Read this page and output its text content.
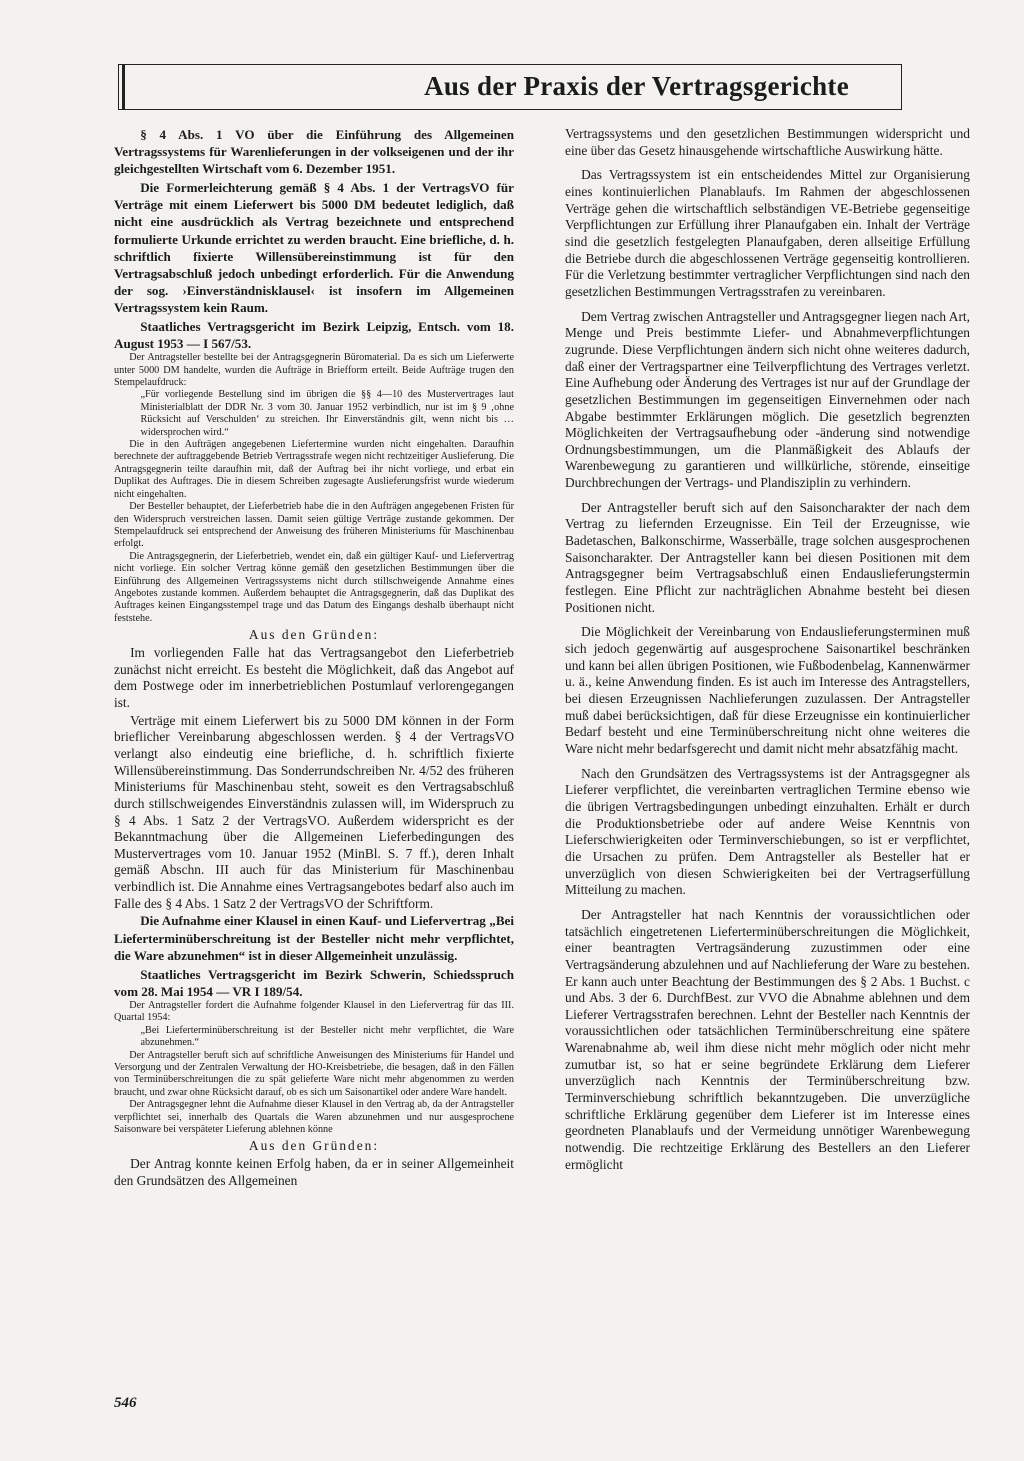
Aus der Praxis der Vertragsgerichte

§ 4 Abs. 1 VO über die Einführung des Allgemeinen Vertragssystems für Warenlieferungen in der volkseigenen und der ihr gleichgestellten Wirtschaft vom 6. Dezember 1951.

Die Formerleichterung gemäß § 4 Abs. 1 der VertragsVO für Verträge mit einem Lieferwert bis 5000 DM bedeutet lediglich, daß nicht eine ausdrücklich als Vertrag bezeichnete und entsprechend formulierte Urkunde errichtet zu werden braucht. Eine briefliche, d. h. schriftlich fixierte Willensübereinstimmung ist für den Vertragsabschluß jedoch unbedingt erforderlich. Für die Anwendung der sog. ›Einverständnisklausel‹ ist insofern im Allgemeinen Vertragssystem kein Raum.

Staatliches Vertragsgericht im Bezirk Leipzig, Entsch. vom 18. August 1953 — I 567/53.

Der Antragsteller bestellte bei der Antragsgegnerin Büromaterial. Da es sich um Lieferwerte unter 5000 DM handelte, wurden die Aufträge in Briefform erteilt. Beide Aufträge trugen den Stempelaufdruck:

„Für vorliegende Bestellung sind im übrigen die §§ 4—10 des Mustervertrages laut Ministerialblatt der DDR Nr. 3 vom 30. Januar 1952 verbindlich, nur ist im § 9 ‚ohne Rücksicht auf Verschulden‘ zu streichen. Ihr Einverständnis gilt, wenn nicht bis … widersprochen wird.“

Die in den Aufträgen angegebenen Liefertermine wurden nicht eingehalten. Daraufhin berechnete der auftraggebende Betrieb Vertragsstrafe wegen nicht rechtzeitiger Auslieferung. Die Antragsgegnerin teilte daraufhin mit, daß der Auftrag bei ihr nicht vorliege, und erbat ein Duplikat des Auftrages. Die in diesem Schreiben zugesagte Auslieferungsfrist wurde wiederum nicht eingehalten.

Der Besteller behauptet, der Lieferbetrieb habe die in den Aufträgen angegebenen Fristen für den Widerspruch verstreichen lassen. Damit seien gültige Verträge zustande gekommen. Der Stempelaufdruck sei entsprechend der Anweisung des früheren Ministeriums für Maschinenbau erfolgt.

Die Antragsgegnerin, der Lieferbetrieb, wendet ein, daß ein gültiger Kauf- und Liefervertrag nicht vorliege. Ein solcher Vertrag könne gemäß den gesetzlichen Bestimmungen über die Einführung des Allgemeinen Vertragssystems nicht durch stillschweigende Annahme eines Angebotes zustande kommen. Außerdem behauptet die Antragsgegnerin, daß das Duplikat des Auftrages keinen Eingangsstempel trage und das Datum des Eingangs deshalb überhaupt nicht feststehe.

Aus den Gründen:

Im vorliegenden Falle hat das Vertragsangebot den Lieferbetrieb zunächst nicht erreicht. Es besteht die Möglichkeit, daß das Angebot auf dem Postwege oder im innerbetrieblichen Postumlauf verlorengegangen ist.

Verträge mit einem Lieferwert bis zu 5000 DM können in der Form brieflicher Vereinbarung abgeschlossen werden. § 4 der VertragsVO verlangt also eindeutig eine briefliche, d. h. schriftlich fixierte Willensübereinstimmung. Das Sonderrundschreiben Nr. 4/52 des früheren Ministeriums für Maschinenbau steht, soweit es den Vertragsabschluß durch stillschweigendes Einverständnis zulassen will, im Widerspruch zu § 4 Abs. 1 Satz 2 der VertragsVO. Außerdem widerspricht es der Bekanntmachung über die Allgemeinen Lieferbedingungen des Mustervertrages vom 10. Januar 1952 (MinBl. S. 7 ff.), deren Inhalt gemäß Abschn. III auch für das Ministerium für Maschinenbau verbindlich ist. Die Annahme eines Vertragsangebotes bedarf also auch im Falle des § 4 Abs. 1 Satz 2 der VertragsVO der Schriftform.

Die Aufnahme einer Klausel in einen Kauf- und Liefervertrag „Bei Lieferterminüberschreitung ist der Besteller nicht mehr verpflichtet, die Ware abzunehmen“ ist in dieser Allgemeinheit unzulässig.

Staatliches Vertragsgericht im Bezirk Schwerin, Schiedsspruch vom 28. Mai 1954 — VR I 189/54.

Der Antragsteller fordert die Aufnahme folgender Klausel in den Liefervertrag für das III. Quartal 1954:

„Bei Lieferterminüberschreitung ist der Besteller nicht mehr verpflichtet, die Ware abzunehmen.“

Der Antragsteller beruft sich auf schriftliche Anweisungen des Ministeriums für Handel und Versorgung und der Zentralen Verwaltung der HO-Kreisbetriebe, die besagen, daß in den Fällen von Terminüberschreitungen die zu spät gelieferte Ware nicht mehr abgenommen zu werden braucht, und zwar ohne Rücksicht darauf, ob es sich um Saisonartikel oder andere Ware handelt.

Der Antragsgegner lehnt die Aufnahme dieser Klausel in den Vertrag ab, da der Antragsteller verpflichtet sei, innerhalb des Quartals die Waren abzunehmen und nur ausgesprochene Saisonware bei verspäteter Lieferung ablehnen könne

Aus den Gründen:

Der Antrag konnte keinen Erfolg haben, da er in seiner Allgemeinheit den Grundsätzen des Allgemeinen

Vertragssystems und den gesetzlichen Bestimmungen widerspricht und eine über das Gesetz hinausgehende wirtschaftliche Auswirkung hätte.

Das Vertragssystem ist ein entscheidendes Mittel zur Organisierung eines kontinuierlichen Planablaufs. Im Rahmen der abgeschlossenen Verträge gehen die wirtschaftlich selbständigen VE-Betriebe gegenseitige Verpflichtungen zur Erfüllung ihrer Planaufgaben ein. Inhalt der Verträge sind die gesetzlich festgelegten Planaufgaben, deren allseitige Erfüllung die Betriebe durch die abgeschlossenen Verträge gegenseitig kontrollieren. Für die Verletzung bestimmter vertraglicher Verpflichtungen sind nach den gesetzlichen Bestimmungen Vertragsstrafen zu vereinbaren.

Dem Vertrag zwischen Antragsteller und Antragsgegner liegen nach Art, Menge und Preis bestimmte Liefer- und Abnahmeverpflichtungen zugrunde. Diese Verpflichtungen ändern sich nicht ohne weiteres dadurch, daß einer der Vertragspartner eine Teilverpflichtung des Vertrages verletzt. Eine Aufhebung oder Änderung des Vertrages ist nur auf der Grundlage der gesetzlichen Bestimmungen im gegenseitigen Einvernehmen oder nach Abgabe bestimmter Erklärungen möglich. Die gesetzlich begrenzten Möglichkeiten der Vertragsaufhebung oder -änderung sind notwendige Ordnungsbestimmungen, um die Planmäßigkeit des Ablaufs der Warenbewegung zu garantieren und willkürliche, störende, einseitige Durchbrechungen der Vertrags- und Plandisziplin zu verhindern.

Der Antragsteller beruft sich auf den Saisoncharakter der nach dem Vertrag zu liefernden Erzeugnisse. Ein Teil der Erzeugnisse, wie Badetaschen, Balkonschirme, Wasserbälle, trage solchen ausgesprochenen Saisoncharakter. Der Antragsteller kann bei diesen Positionen mit dem Antragsgegner beim Vertragsabschluß einen Endauslieferungstermin festlegen. Eine Pflicht zur nachträglichen Abnahme besteht bei diesen Positionen nicht.

Die Möglichkeit der Vereinbarung von Endauslieferungsterminen muß sich jedoch gegenwärtig auf ausgesprochene Saisonartikel beschränken und kann bei allen übrigen Positionen, wie Fußbodenbelag, Kannenwärmer u. ä., keine Anwendung finden. Es ist auch im Interesse des Antragstellers, bei diesen Erzeugnissen Nachlieferungen zuzulassen. Der Antragsteller muß dabei berücksichtigen, daß für diese Erzeugnisse ein kontinuierlicher Bedarf besteht und eine Terminüberschreitung nicht ohne weiteres die Ware nicht mehr bedarfsgerecht und damit nicht mehr absatzfähig macht.

Nach den Grundsätzen des Vertragssystems ist der Antragsgegner als Lieferer verpflichtet, die vereinbarten vertraglichen Termine ebenso wie die übrigen Vertragsbedingungen unbedingt einzuhalten. Erhält er durch die Produktionsbetriebe oder auf andere Weise Kenntnis von Lieferschwierigkeiten oder Terminverschiebungen, so ist er verpflichtet, die Ursachen zu prüfen. Dem Antragsteller als Besteller hat er unverzüglich von diesen Schwierigkeiten bei der Vertragserfüllung Mitteilung zu machen.

Der Antragsteller hat nach Kenntnis der voraussichtlichen oder tatsächlich eingetretenen Lieferterminüberschreitungen die Möglichkeit, einer beantragten Vertragsänderung zuzustimmen oder eine Vertragsänderung abzulehnen und auf Nachlieferung der Ware zu bestehen. Er kann auch unter Beachtung der Bestimmungen des § 2 Abs. 1 Buchst. c und Abs. 3 der 6. DurchfBest. zur VVO die Abnahme ablehnen und dem Lieferer Vertragsstrafen berechnen. Lehnt der Besteller nach Kenntnis der voraussichtlichen oder tatsächlichen Terminüberschreitung eine spätere Warenabnahme ab, weil ihm diese nicht mehr möglich oder nicht mehr zumutbar ist, so hat er seine begründete Erklärung dem Lieferer unverzüglich nach Kenntnis der Terminüberschreitung bzw. Terminverschiebung schriftlich bekanntzugeben. Die unverzügliche schriftliche Erklärung gegenüber dem Lieferer ist im Interesse eines geordneten Planablaufs und der Vermeidung unnötiger Warenbewegung notwendig. Die rechtzeitige Erklärung des Bestellers an den Lieferer ermöglicht

546
